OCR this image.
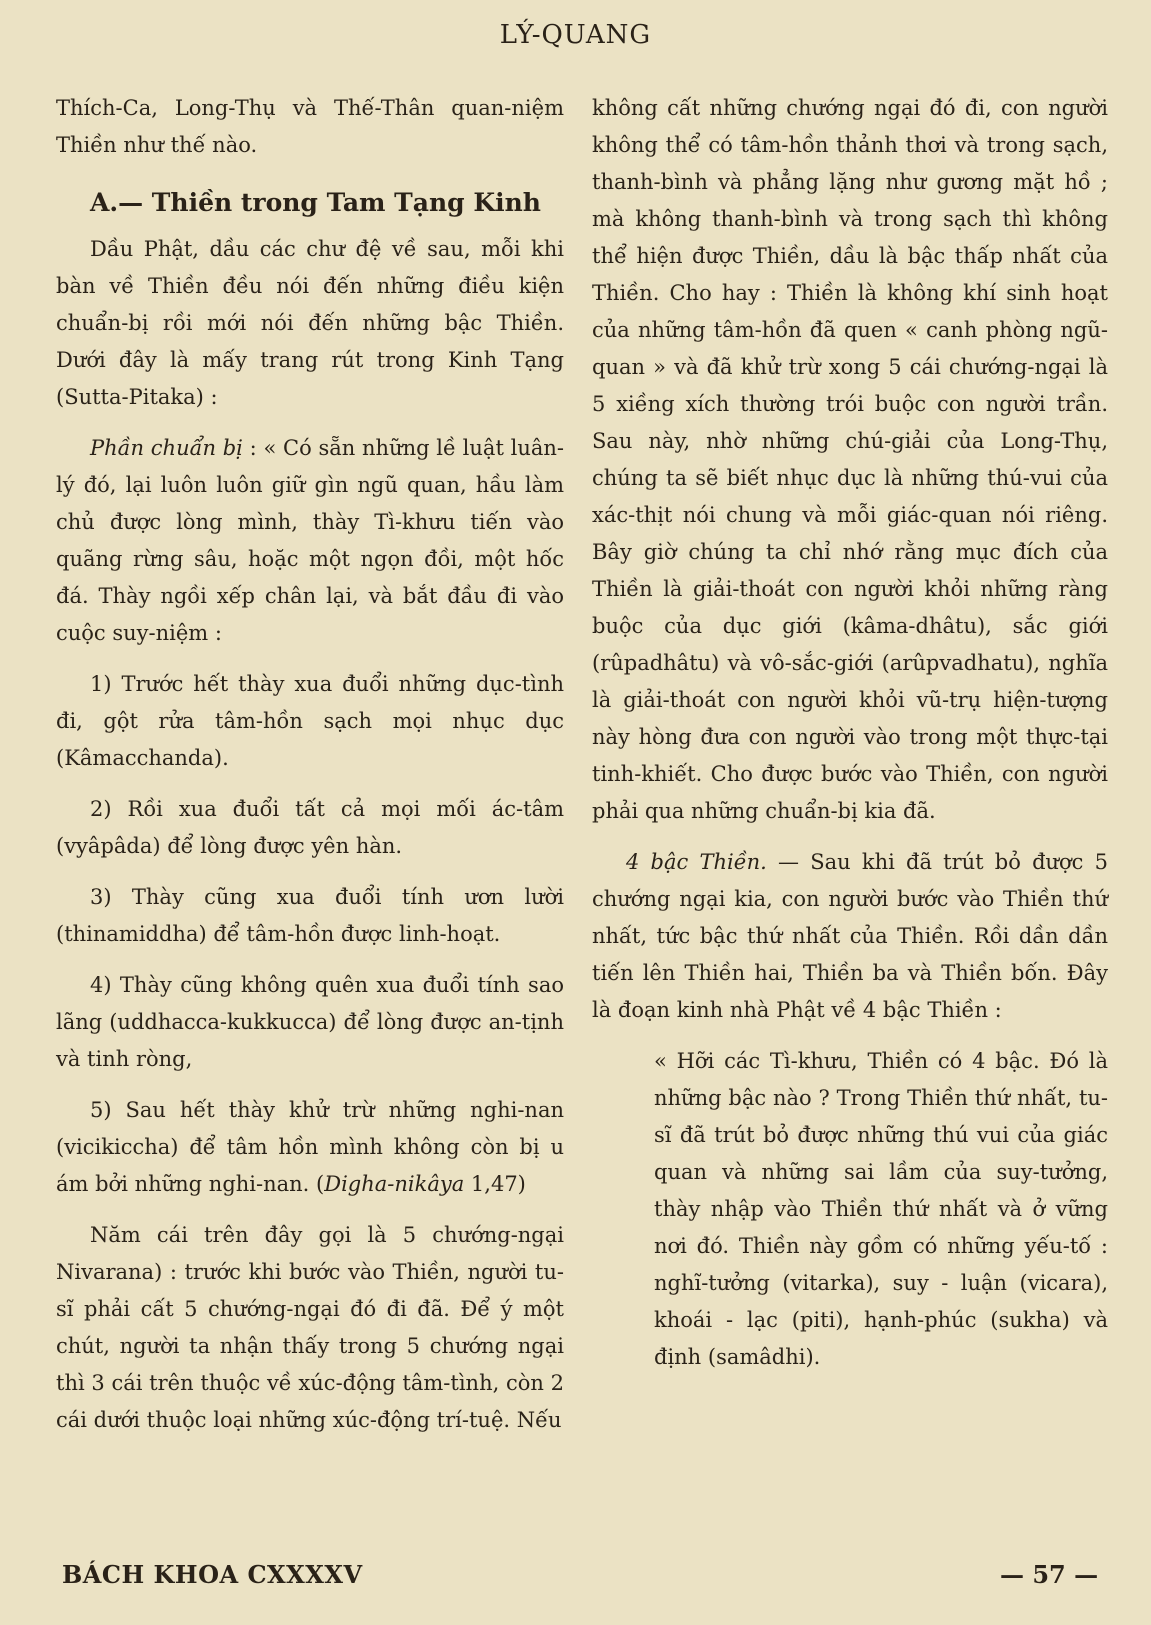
LÝ-QUANG

Thích-Ca, Long-Thụ và Thế-Thân quan-niệm Thiền như thế nào.

A.— Thiền trong Tam Tạng Kinh

Dầu Phật, dầu các chư đệ về sau, mỗi khi bàn về Thiền đều nói đến những điều kiện chuẩn-bị rồi mới nói đến những bậc Thiền. Dưới đây là mấy trang rút trong Kinh Tạng (Sutta-Pitaka) :

Phần chuẩn bị : « Có sẵn những lề luật luân-lý đó, lại luôn luôn giữ gìn ngũ quan, hầu làm chủ được lòng mình, thày Tì-khưu tiến vào quãng rừng sâu, hoặc một ngọn đồi, một hốc đá. Thày ngồi xếp chân lại, và bắt đầu đi vào cuộc suy-niệm :

1) Trước hết thày xua đuổi những dục-tình đi, gột rửa tâm-hồn sạch mọi nhục dục (Kâmacchanda).

2) Rồi xua đuổi tất cả mọi mối ác-tâm (vyâpâda) để lòng được yên hàn.

3) Thày cũng xua đuổi tính ươn lười (thinamiddha) để tâm-hồn được linh-hoạt.

4) Thày cũng không quên xua đuổi tính sao lãng (uddhacca-kukkucca) để lòng được an-tịnh và tinh ròng,

5) Sau hết thày khử trừ những nghi-nan (vicikiccha) để tâm hồn mình không còn bị u ám bởi những nghi-nan. (Digha-nikâya 1,47)

Năm cái trên đây gọi là 5 chướng-ngại Nivarana) : trước khi bước vào Thiền, người tu-sĩ phải cất 5 chướng-ngại đó đi đã. Để ý một chút, người ta nhận thấy trong 5 chướng ngại thì 3 cái trên thuộc về xúc-động tâm-tình, còn 2 cái dưới thuộc loại những xúc-động trí-tuệ. Nếu

không cất những chướng ngại đó đi, con người không thể có tâm-hồn thảnh thơi và trong sạch, thanh-bình và phẳng lặng như gương mặt hồ ; mà không thanh-bình và trong sạch thì không thể hiện được Thiền, dầu là bậc thấp nhất của Thiền. Cho hay : Thiền là không khí sinh hoạt của những tâm-hồn đã quen « canh phòng ngũ-quan » và đã khử trừ xong 5 cái chướng-ngại là 5 xiềng xích thường trói buộc con người trần. Sau này, nhờ những chú-giải của Long-Thụ, chúng ta sẽ biết nhục dục là những thú-vui của xác-thịt nói chung và mỗi giác-quan nói riêng. Bây giờ chúng ta chỉ nhớ rằng mục đích của Thiền là giải-thoát con người khỏi những ràng buộc của dục giới (kâma-dhâtu), sắc giới (rûpadhâtu) và vô-sắc-giới (arûpvadhatu), nghĩa là giải-thoát con người khỏi vũ-trụ hiện-tượng này hòng đưa con người vào trong một thực-tại tinh-khiết. Cho được bước vào Thiền, con người phải qua những chuẩn-bị kia đã.

4 bậc Thiền. — Sau khi đã trút bỏ được 5 chướng ngại kia, con người bước vào Thiền thứ nhất, tức bậc thứ nhất của Thiền. Rồi dần dần tiến lên Thiền hai, Thiền ba và Thiền bốn. Đây là đoạn kinh nhà Phật về 4 bậc Thiền :

« Hỡi các Tì-khưu, Thiền có 4 bậc. Đó là những bậc nào ? Trong Thiền thứ nhất, tu-sĩ đã trút bỏ được những thú vui của giác quan và những sai lầm của suy-tưởng, thày nhập vào Thiền thứ nhất và ở vững nơi đó. Thiền này gồm có những yếu-tố : nghĩ-tưởng (vitarka), suy - luận (vicara), khoái - lạc (piti), hạnh-phúc (sukha) và định (samâdhi).

BÁCH KHOA CXXXXV	— 57 —
